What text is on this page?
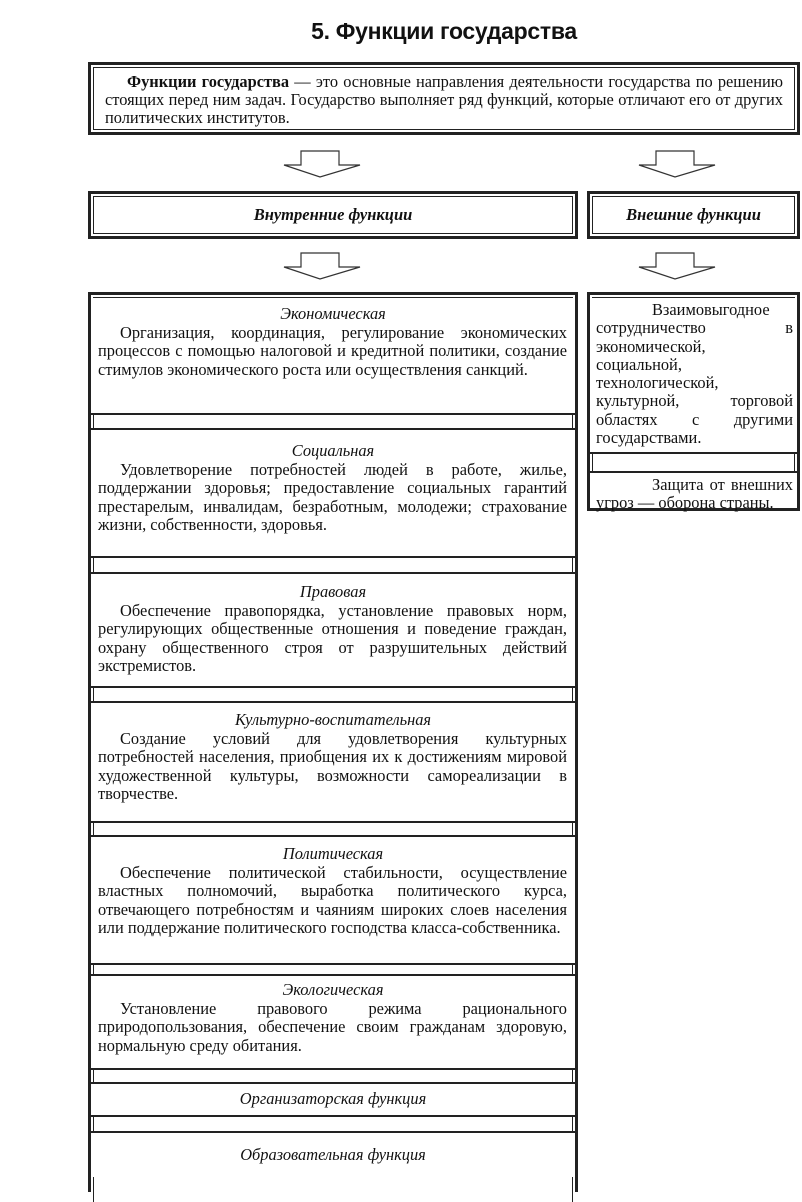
5. Функции государства
Функции государства — это основные направления деятельности государства по решению стоящих перед ним задач. Государство выполняет ряд функций, которые отличают его от других политических институтов.
Внутренние функции	Внешние функции
Экономическая
Организация, координация, регулирование экономических процессов с помощью налоговой и кредитной политики, создание стимулов экономического роста или осуществления санкций.
Социальная
Удовлетворение потребностей людей в работе, жилье, поддержании здоровья; предоставление социальных гарантий престарелым, инвалидам, безработным, молодежи; страхование жизни, собственности, здоровья.
Правовая
Обеспечение правопорядка, установление правовых норм, регулирующих общественные отношения и поведение граждан, охрану общественного строя от разрушительных действий экстремистов.
Культурно-воспитательная
Создание условий для удовлетворения культурных потребностей населения, приобщения их к достижениям мировой художественной культуры, возможности самореализации в творчестве.
Политическая
Обеспечение политической стабильности, осуществление властных полномочий, выработка политического курса, отвечающего потребностям и чаяниям широких слоев населения или поддержание политического господства класса-собственника.
Экологическая
Установление правового режима рационального природопользования, обеспечение своим гражданам здоровую, нормальную среду обитания.
Организаторская функция
Образовательная функция
Взаимовыгодное сотрудничество в экономической, социальной, технологической, культурной, торговой областях с другими государствами.
Защита от внешних угроз — оборона страны.
